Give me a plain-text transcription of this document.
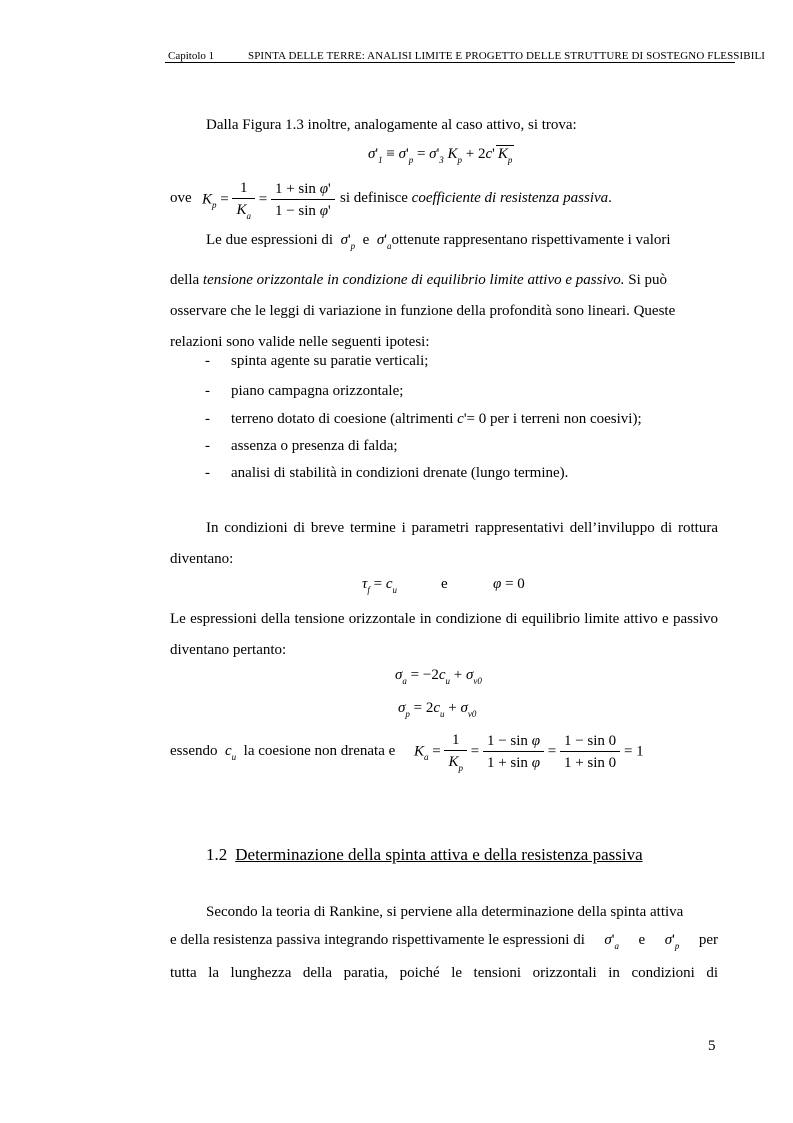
Capitolo 1	SPINTA DELLE TERRE: ANALISI LIMITE E PROGETTO DELLE STRUTTURE DI SOSTEGNO FLESSIBILI
Dalla Figura 1.3 inoltre, analogamente al caso attivo, si trova:
$\sigma'_1 \equiv \sigma'_p = \sigma'_3$ $K_p + 2c'$ $K_p$
ove $K_p = \frac{1}{K_a} = \frac{\text{1 + sin φ'}}{\text{1 − sin φ'}}$ si definisce coefficiente di resistenza passiva.
Le due espressioni di $\sigma'_p$ e $\sigma'_aottenute$ rappresentano rispettivamente i valori
della tensione orizzontale in condizione di equilibrio limite attivo e passivo. Si può
osservare che le leggi di variazione in funzione della profondità sono lineari. Queste
relazioni sono valide nelle seguenti ipotesi:
- spinta agente su paratie verticali;
- piano campagna orizzontale;
- terreno dotato di coesione (altrimenti c'= 0 per i terreni non coesivi);
- assenza o presenza di falda;
- analisi di stabilità in condizioni drenate (lungo termine).
In condizioni di breve termine i parametri rappresentativi dell’inviluppo di rottura diventano:
$\tau_f = c_u$	e	φ = 0
Le espressioni della tensione orizzontale in condizione di equilibrio limite attivo e passivo diventano pertanto:
$\sigma_a = -2c_u + \sigma_{v0}$
$\sigma_p = 2c_u + \sigma_{v0}$
essendo $c_u$ la coesione non drenata e $K_a = \frac{1}{K_p} = \frac{\text{1 − sin φ}}{\text{1 + sin φ}} = \frac{1 - \sin 0}{1 + \sin 0} = 1$
1.2 Determinazione della spinta attiva e della resistenza passiva
Secondo la teoria di Rankine, si perviene alla determinazione della spinta attiva
e della resistenza passiva integrando rispettivamente le espressioni di $\sigma'_a$ e $\sigma'_p$ per
tutta la lunghezza della paratia, poiché le tensioni orizzontali in condizioni di
5
